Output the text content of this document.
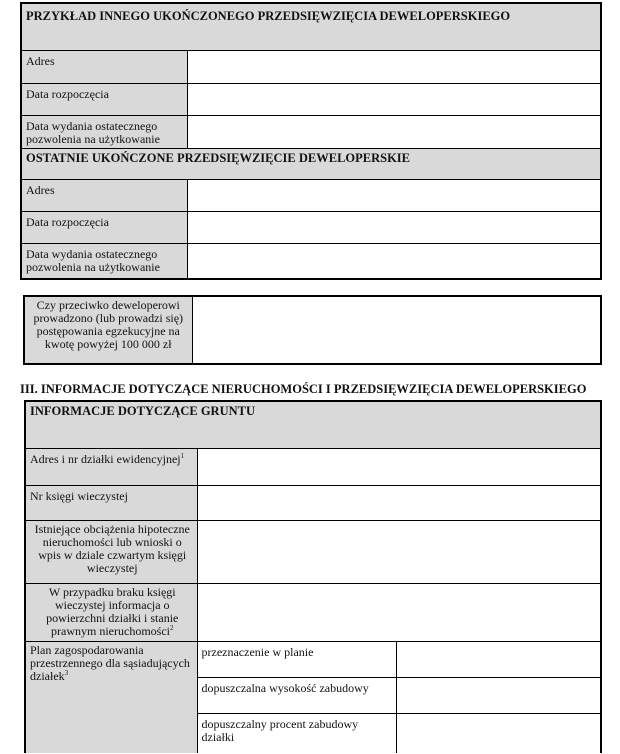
PRZYKŁAD INNEGO UKOŃCZONEGO PRZEDSIĘWZIĘCIA DEWELOPERSKIEGO	
Adres	
Data rozpoczęcia	
Data wydania ostatecznego pozwolenia na użytkowanie	
OSTATNIE UKOŃCZONE PRZEDSIĘWZIĘCIE DEWELOPERSKIE	
Adres	
Data rozpoczęcia	
Data wydania ostatecznego pozwolenia na użytkowanie	
Czy przeciwko deweloperowi prowadzono (lub prowadzi się) postępowania egzekucyjne na kwotę powyżej 100 000 zł	
III. INFORMACJE DOTYCZĄCE NIERUCHOMOŚCI I PRZEDSIĘWZIĘCIA DEWELOPERSKIEGO
INFORMACJE DOTYCZĄCE GRUNTU		
Adres i nr działki ewidencyjnej$^1$	
Nr księgi wieczystej		
Istniejące obciążenia hipoteczne nieruchomości lub wnioski o wpis w dziale czwartym księgi wieczystej		
W przypadku braku księgi wieczystej informacja o powierzchni działki i stanie prawnym nieruchomości$^2$	
Plan zagospodarowania przestrzennego dla sąsiadujących działek$^3$	przeznaczenie w planie	
	dopuszczalna wysokość zabudowy	
	dopuszczalny procent zabudowy działki	
